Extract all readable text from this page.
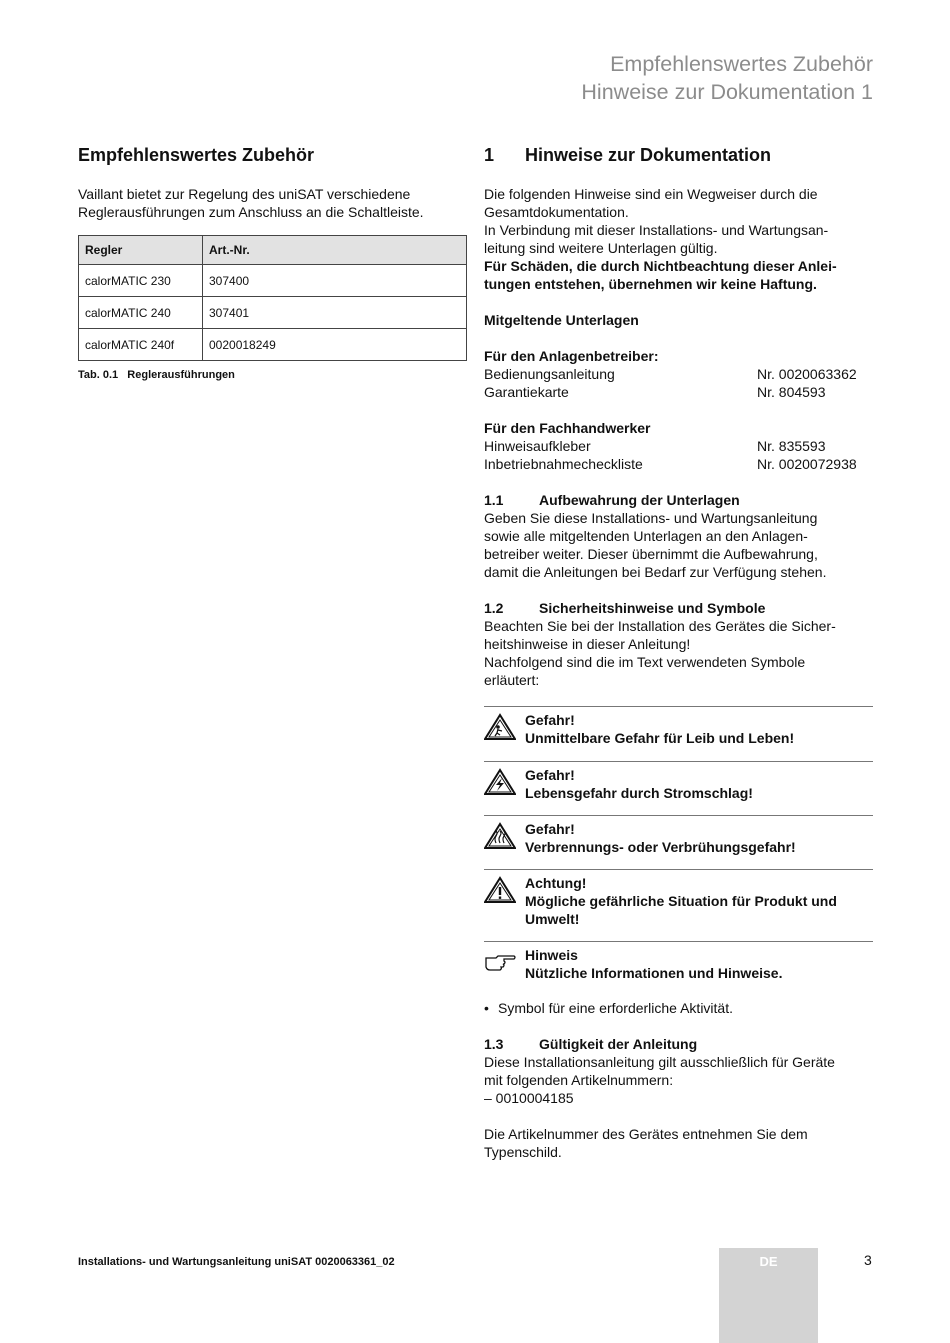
Empfehlenswertes Zubehör
Hinweise zur Dokumentation 1
Empfehlenswertes Zubehör

Vaillant bietet zur Regelung des uniSAT verschiedene Reglerausführungen zum Anschluss an die Schaltleiste.

Regler	Art.-Nr.
calorMATIC 230	307400
calorMATIC 240	307401
calorMATIC 240f	0020018249
Tab. 0.1   Reglerausführungen
1 Hinweise zur Dokumentation

Die folgenden Hinweise sind ein Wegweiser durch die Gesamtdokumentation.

In Verbindung mit dieser Installations- und Wartungsan-

leitung sind weitere Unterlagen gültig.

Für Schäden, die durch Nichtbeachtung dieser Anlei-

tungen entstehen, übernehmen wir keine Haftung.

Mitgeltende Unterlagen

Für den Anlagenbetreiber:

Bedienungsanleitung	Nr. 0020063362
Garantiekarte	Nr. 804593

Für den Fachhandwerker

Hinweisaufkleber	Nr. 835593
Inbetriebnahmecheckliste	Nr. 0020072938
1.1	Aufbewahrung der Unterlagen

Geben Sie diese Installations- und Wartungsanleitung

sowie alle mitgeltenden Unterlagen an den Anlagen-

betreiber weiter. Dieser übernimmt die Aufbewahrung,

damit die Anleitungen bei Bedarf zur Verfügung stehen.

1.2	Sicherheitshinweise und Symbole

Beachten Sie bei der Installation des Gerätes die Sicher-

heitshinweise in dieser Anleitung!

Nachfolgend sind die im Text verwendeten Symbole

erläutert:

Gefahr!
Unmittelbare Gefahr für Leib und Leben!
Gefahr!
Lebensgefahr durch Stromschlag!
Gefahr!
Verbrennungs- oder Verbrühungsgefahr!
Achtung!
Mögliche gefährliche Situation für Produkt und
Umwelt!
Hinweis
Nützliche Informationen und Hinweise.

• Symbol für eine erforderliche Aktivität.

1.3	Gültigkeit der Anleitung

Diese Installationsanleitung gilt ausschließlich für Geräte

mit folgenden Artikelnummern:

– 0010004185

Die Artikelnummer des Gerätes entnehmen Sie dem

Typenschild.

Installations- und Wartungsanleitung uniSAT 0020063361_02	DE	3
